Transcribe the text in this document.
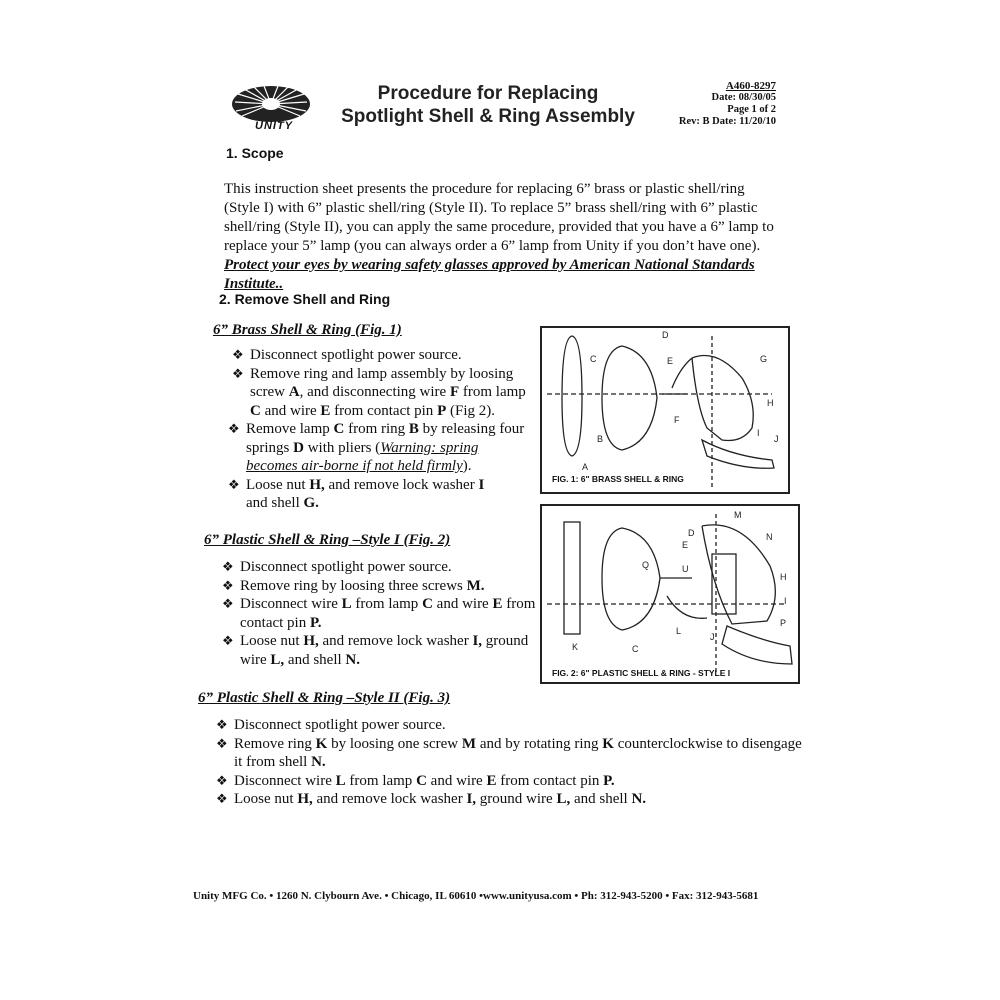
UNITY
Procedure for Replacing
Spotlight Shell & Ring Assembly
A460-8297
Date: 08/30/05
Page 1 of 2
Rev: B Date: 11/20/10
1. Scope
This instruction sheet presents the procedure for replacing 6” brass or plastic shell/ring (Style I) with 6” plastic shell/ring (Style II). To replace 5” brass shell/ring with 6” plastic shell/ring (Style II), you can apply the same procedure, provided that you have a 6” lamp to replace your 5” lamp (you can always order a 6” lamp from Unity if you don’t have one). Protect your eyes by wearing safety glasses approved by American National Standards Institute..
2. Remove Shell and Ring
6” Brass Shell & Ring (Fig. 1)
❖ Disconnect spotlight power source.
❖ Remove ring and lamp assembly by loosing screw A, and disconnecting wire F from lamp C and wire E from contact pin P (Fig 2).
❖ Remove lamp C from ring B by releasing four springs D with pliers (Warning: spring becomes air-borne if not held firmly).
❖ Loose nut H, and remove lock washer I
and shell G.
6” Plastic Shell & Ring –Style I (Fig. 2)
❖ Disconnect spotlight power source.
❖ Remove ring by loosing three screws M.
❖ Disconnect wire L from lamp C and wire E from contact pin P.
❖ Loose nut H, and remove lock washer I, ground wire L, and shell N.
6” Plastic Shell & Ring –Style II (Fig. 3)
❖ Disconnect spotlight power source.
❖ Remove ring K by loosing one screw M and by rotating ring K counterclockwise to disengage it from shell N.
❖ Disconnect wire L from lamp C and wire E from contact pin P.
❖ Loose nut H, and remove lock washer I, ground wire L, and shell N.
D
C	E	G
H
F
B
I
J
A
FIG. 1: 6" BRASS SHELL & RING
M
N
E
D
Q	U
H
I
P
L
J
K	C
FIG. 2: 6" PLASTIC SHELL & RING - STYLE I
Unity MFG Co. • 1260 N. Clybourn Ave. • Chicago, IL 60610 •www.unityusa.com • Ph: 312-943-5200 • Fax: 312-943-5681
